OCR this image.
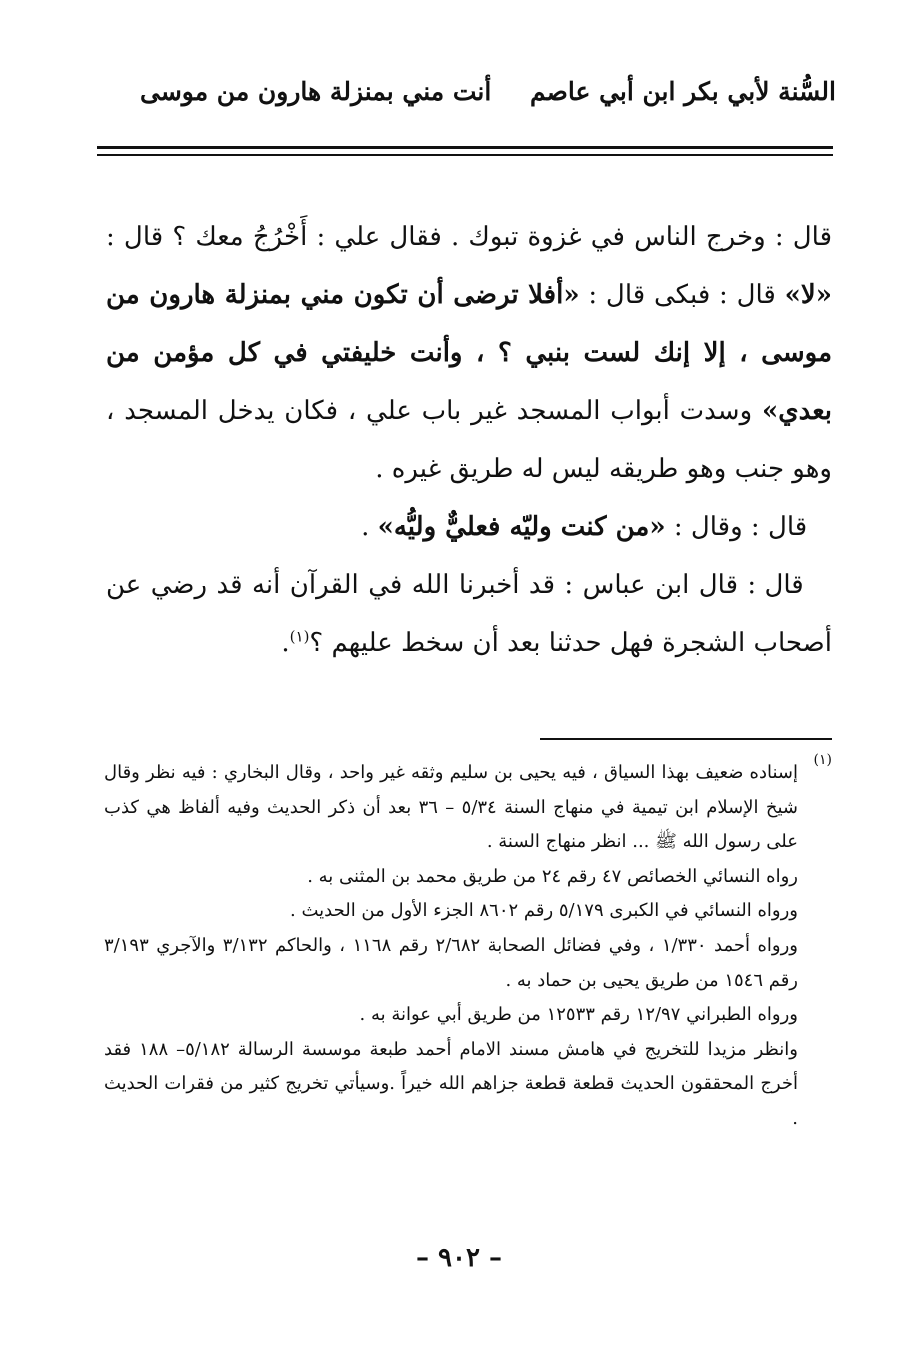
السُّنة لأبي بكر ابن أبي عاصم
أنت مني بمنزلة هارون من موسى

قال : وخرج الناس في غزوة تبوك . فقال علي : أَخْرُجُ معك ؟ قال : «لا» قال : فبكى قال : «أفلا ترضى أن تكون مني بمنزلة هارون من موسى ، إلا إنك لست بنبي ؟ ، وأنت خليفتي في كل مؤمن من بعدي» وسدت أبواب المسجد غير باب علي ، فكان يدخل المسجد ، وهو جنب وهو طريقه ليس له طريق غيره .

قال : وقال : «من كنت وليّه فعليٌّ وليُّه» .

قال : قال ابن عباس : قد أخبرنا الله في القرآن أنه قد رضي عن أصحاب الشجرة فهل حدثنا بعد أن سخط عليهم ؟$^{(١)}$.

(١)

إسناده ضعيف بهذا السياق ، فيه يحيى بن سليم وثقه غير واحد ، وقال البخاري : فيه نظر وقال شيخ الإسلام ابن تيمية في منهاج السنة ٥/٣٤ – ٣٦ بعد أن ذكر الحديث وفيه ألفاظ هي كذب على رسول الله ﷺ ... انظر منهاج السنة .

رواه النسائي الخصائص ٤٧ رقم ٢٤ من طريق محمد بن المثنى به .

ورواه النسائي في الكبرى ٥/١٧٩ رقم ٨٦٠٢ الجزء الأول من الحديث .

ورواه أحمد ١/٣٣٠ ، وفي فضائل الصحابة ٢/٦٨٢ رقم ١١٦٨ ، والحاكم ٣/١٣٢ والآجري ٣/١٩٣ رقم ١٥٤٦ من طريق يحيى بن حماد به .

ورواه الطبراني ١٢/٩٧ رقم ١٢٥٣٣ من طريق أبي عوانة به .

وانظر مزيدا للتخريج في هامش مسند الامام أحمد طبعة موسسة الرسالة ٥/١٨٢– ١٨٨ فقد أخرج المحققون الحديث قطعة قطعة جزاهم الله خيراً .وسيأتي تخريج كثير من فقرات الحديث .

– ٩٠٢ –
